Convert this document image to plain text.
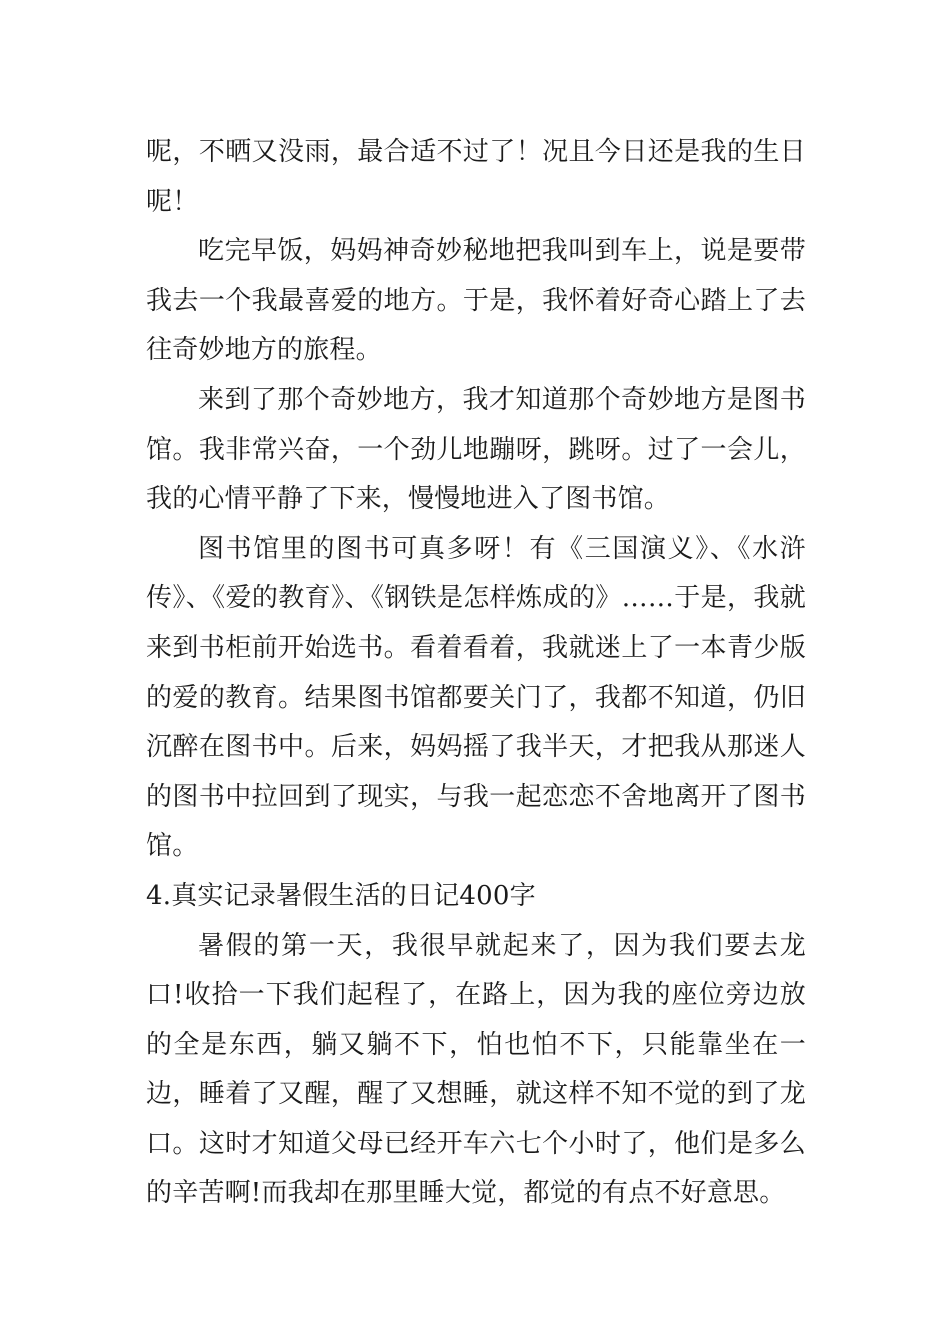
呢，不晒又没雨，最合适不过了！况且今日还是我的生日呢！

吃完早饭，妈妈神奇妙秘地把我叫到车上，说是要带我去一个我最喜爱的地方。于是，我怀着好奇心踏上了去往奇妙地方的旅程。

来到了那个奇妙地方，我才知道那个奇妙地方是图书馆。我非常兴奋，一个劲儿地蹦呀，跳呀。过了一会儿，我的心情平静了下来，慢慢地进入了图书馆。

图书馆里的图书可真多呀！有《三国演义》、《水浒传》、《爱的教育》、《钢铁是怎样炼成的》……于是，我就来到书柜前开始选书。看着看着，我就迷上了一本青少版的爱的教育。结果图书馆都要关门了，我都不知道，仍旧沉醉在图书中。后来，妈妈摇了我半天，才把我从那迷人的图书中拉回到了现实，与我一起恋恋不舍地离开了图书馆。

4.真实记录暑假生活的日记400字

暑假的第一天，我很早就起来了，因为我们要去龙口!收拾一下我们起程了，在路上，因为我的座位旁边放的全是东西，躺又躺不下，怕也怕不下，只能靠坐在一边，睡着了又醒，醒了又想睡，就这样不知不觉的到了龙口。这时才知道父母已经开车六七个小时了，他们是多么的辛苦啊!而我却在那里睡大觉，都觉的有点不好意思。
